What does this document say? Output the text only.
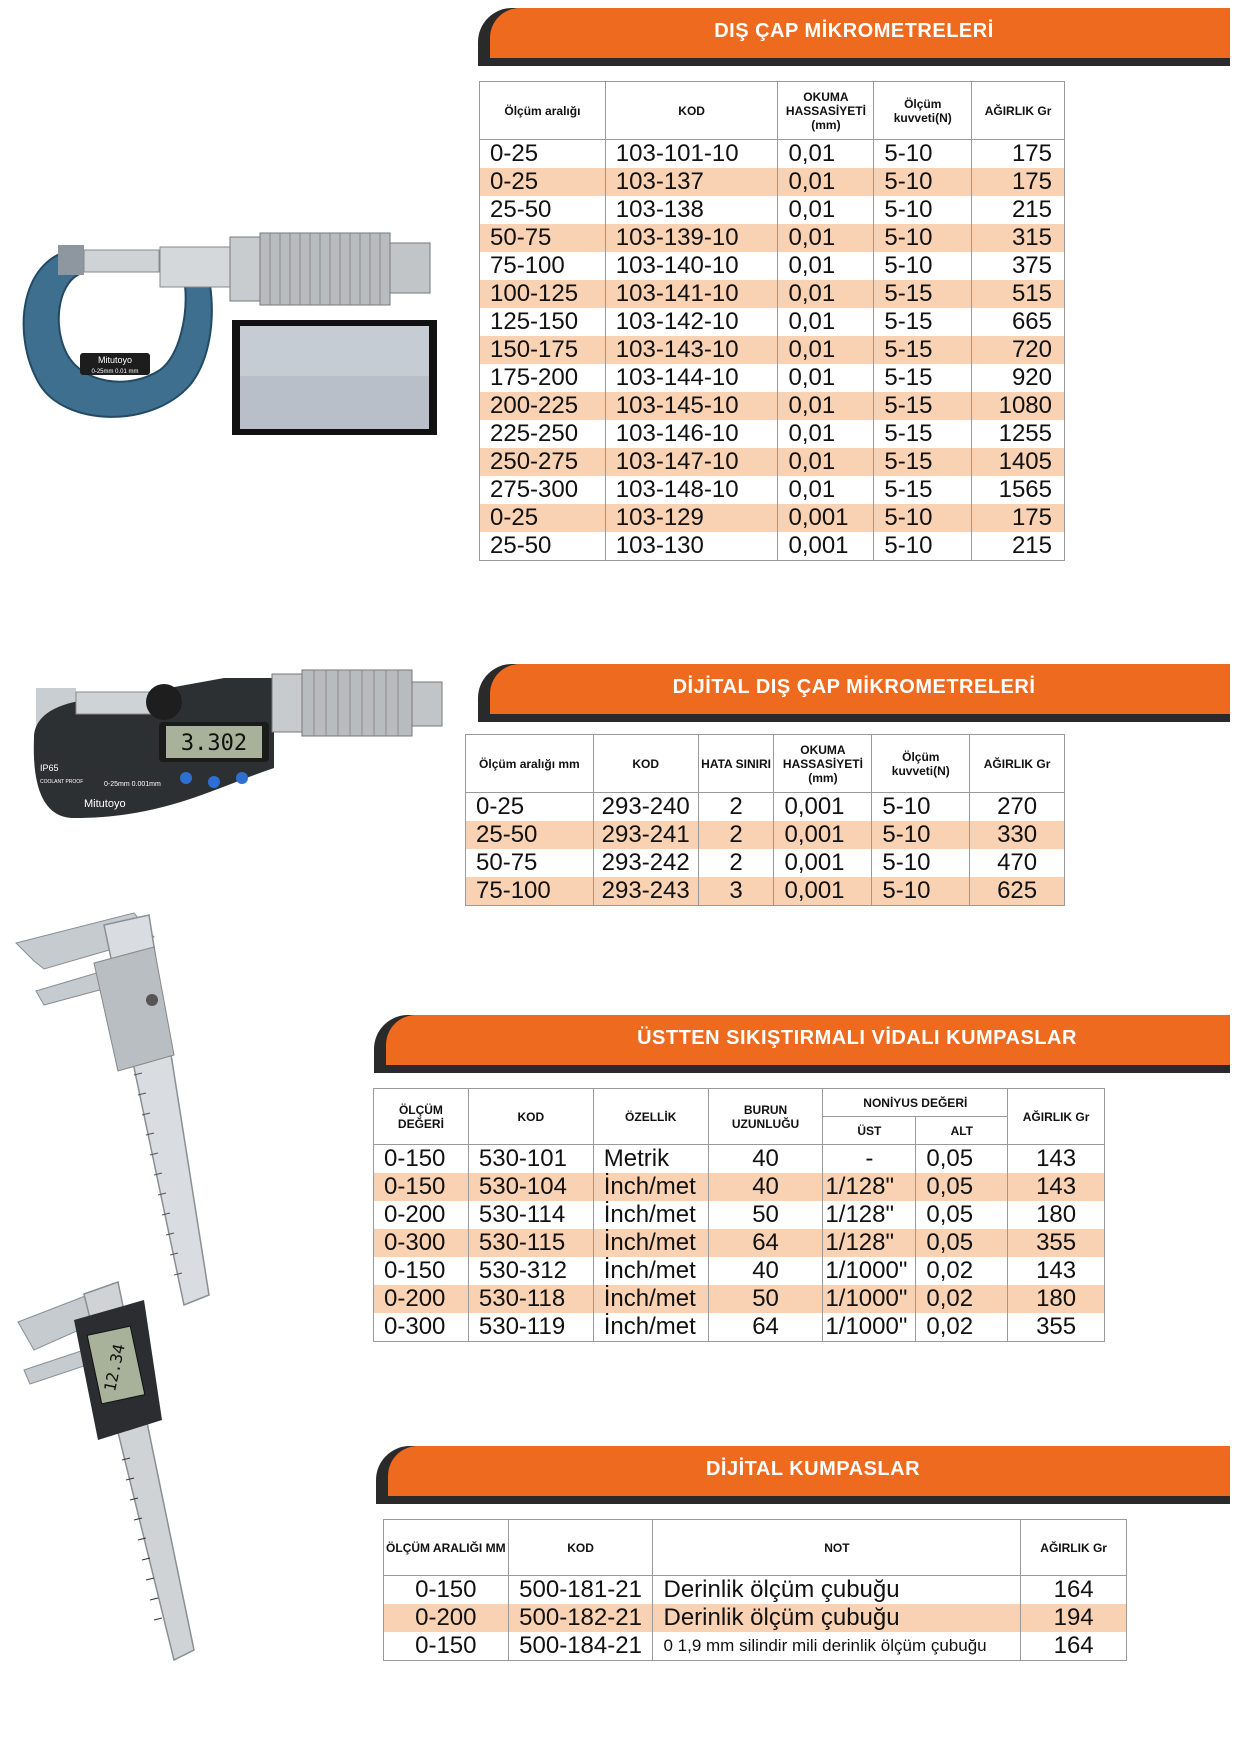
DIŞ ÇAP MİKROMETRELERİ
Mitutoyo
0-25mm 0.01 mm
Ölçüm aralığı	KOD	OKUMA HASSASİYETİ (mm)	Ölçüm kuvveti(N)	AĞIRLIK Gr
0-25	103-101-10	0,01	5-10	175
0-25	103-137	0,01	5-10	175
25-50	103-138	0,01	5-10	215
50-75	103-139-10	0,01	5-10	315
75-100	103-140-10	0,01	5-10	375
100-125	103-141-10	0,01	5-15	515
125-150	103-142-10	0,01	5-15	665
150-175	103-143-10	0,01	5-15	720
175-200	103-144-10	0,01	5-15	920
200-225	103-145-10	0,01	5-15	1080
225-250	103-146-10	0,01	5-15	1255
250-275	103-147-10	0,01	5-15	1405
275-300	103-148-10	0,01	5-15	1565
0-25	103-129	0,001	5-10	175
25-50	103-130	0,001	5-10	215
DİJİTAL DIŞ ÇAP MİKROMETRELERİ
3.302
IP65
COOLANT PROOF	0-25mm 0.001mm
Mitutoyo
Ölçüm aralığı mm	KOD	HATA SINIRI	OKUMA HASSASİYETİ (mm)	Ölçüm kuvveti(N)	AĞIRLIK Gr
0-25	293-240	2	0,001	5-10	270
25-50	293-241	2	0,001	5-10	330
50-75	293-242	2	0,001	5-10	470
75-100	293-243	3	0,001	5-10	625
ÜSTTEN SIKIŞTIRMALI VİDALI KUMPASLAR
ÖLÇÜM DEĞERİ	KOD	ÖZELLİK	BURUN UZUNLUĞU	NONİYUS DEĞERİ		AĞIRLIK Gr
				ÜST	ALT	
0-150	530-101	Metrik	40	-	0,05	143
0-150	530-104	İnch/met	40	1/128"	0,05	143
0-200	530-114	İnch/met	50	1/128"	0,05	180
0-300	530-115	İnch/met	64	1/128"	0,05	355
0-150	530-312	İnch/met	40	1/1000"	0,02	143
0-200	530-118	İnch/met	50	1/1000"	0,02	180
0-300	530-119	İnch/met	64	1/1000"	0,02	355
12.34
DİJİTAL KUMPASLAR
ÖLÇÜM ARALIĞI MM	KOD	NOT	AĞIRLIK Gr
0-150	500-181-21	Derinlik ölçüm çubuğu	164
0-200	500-182-21	Derinlik ölçüm çubuğu	194
0-150	500-184-21	0 1,9 mm silindir mili derinlik ölçüm çubuğu	164
